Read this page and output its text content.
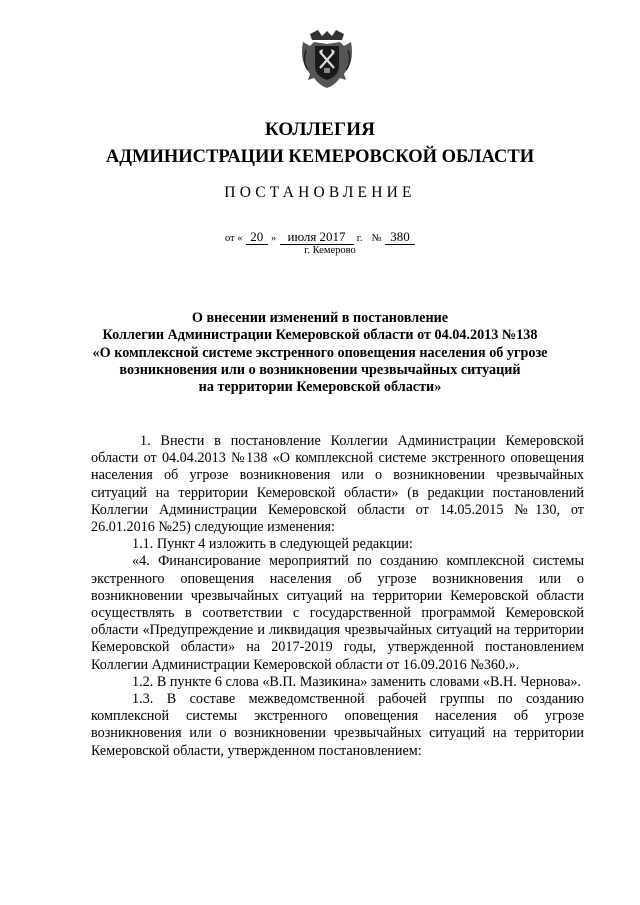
КОЛЛЕГИЯ
АДМИНИСТРАЦИИ КЕМЕРОВСКОЙ ОБЛАСТИ
ПОСТАНОВЛЕНИЕ
от « 20 » июля 2017 г. № 380
г. Кемерово
О внесении изменений в постановление
Коллегии Администрации Кемеровской области от 04.04.2013 №138
«О комплексной системе экстренного оповещения населения об угрозе
возникновения или о возникновении чрезвычайных ситуаций
на территории Кемеровской области»

1. Внести в постановление Коллегии Администрации Кемеровской области от 04.04.2013 №138 «О комплексной системе экстренного оповещения населения об угрозе возникновения или о возникновении чрезвычайных ситуаций на территории Кемеровской области» (в редакции постановлений Коллегии Администрации Кемеровской области от 14.05.2015 №130, от 26.01.2016 №25) следующие изменения:

1.1. Пункт 4 изложить в следующей редакции:

«4. Финансирование мероприятий по созданию комплексной системы экстренного оповещения населения об угрозе возникновения или о возникновении чрезвычайных ситуаций на территории Кемеровской области осуществлять в соответствии с государственной программой Кемеровской области «Предупреждение и ликвидация чрезвычайных ситуаций на территории Кемеровской области» на 2017-2019 годы, утвержденной постановлением Коллегии Администрации Кемеровской области от 16.09.2016 №360.».

1.2. В пункте 6 слова «В.П. Мазикина» заменить словами «В.Н. Чернова».

1.3. В составе межведомственной рабочей группы по созданию комплексной системы экстренного оповещения населения об угрозе возникновения или о возникновении чрезвычайных ситуаций на территории Кемеровской области, утвержденном постановлением:
